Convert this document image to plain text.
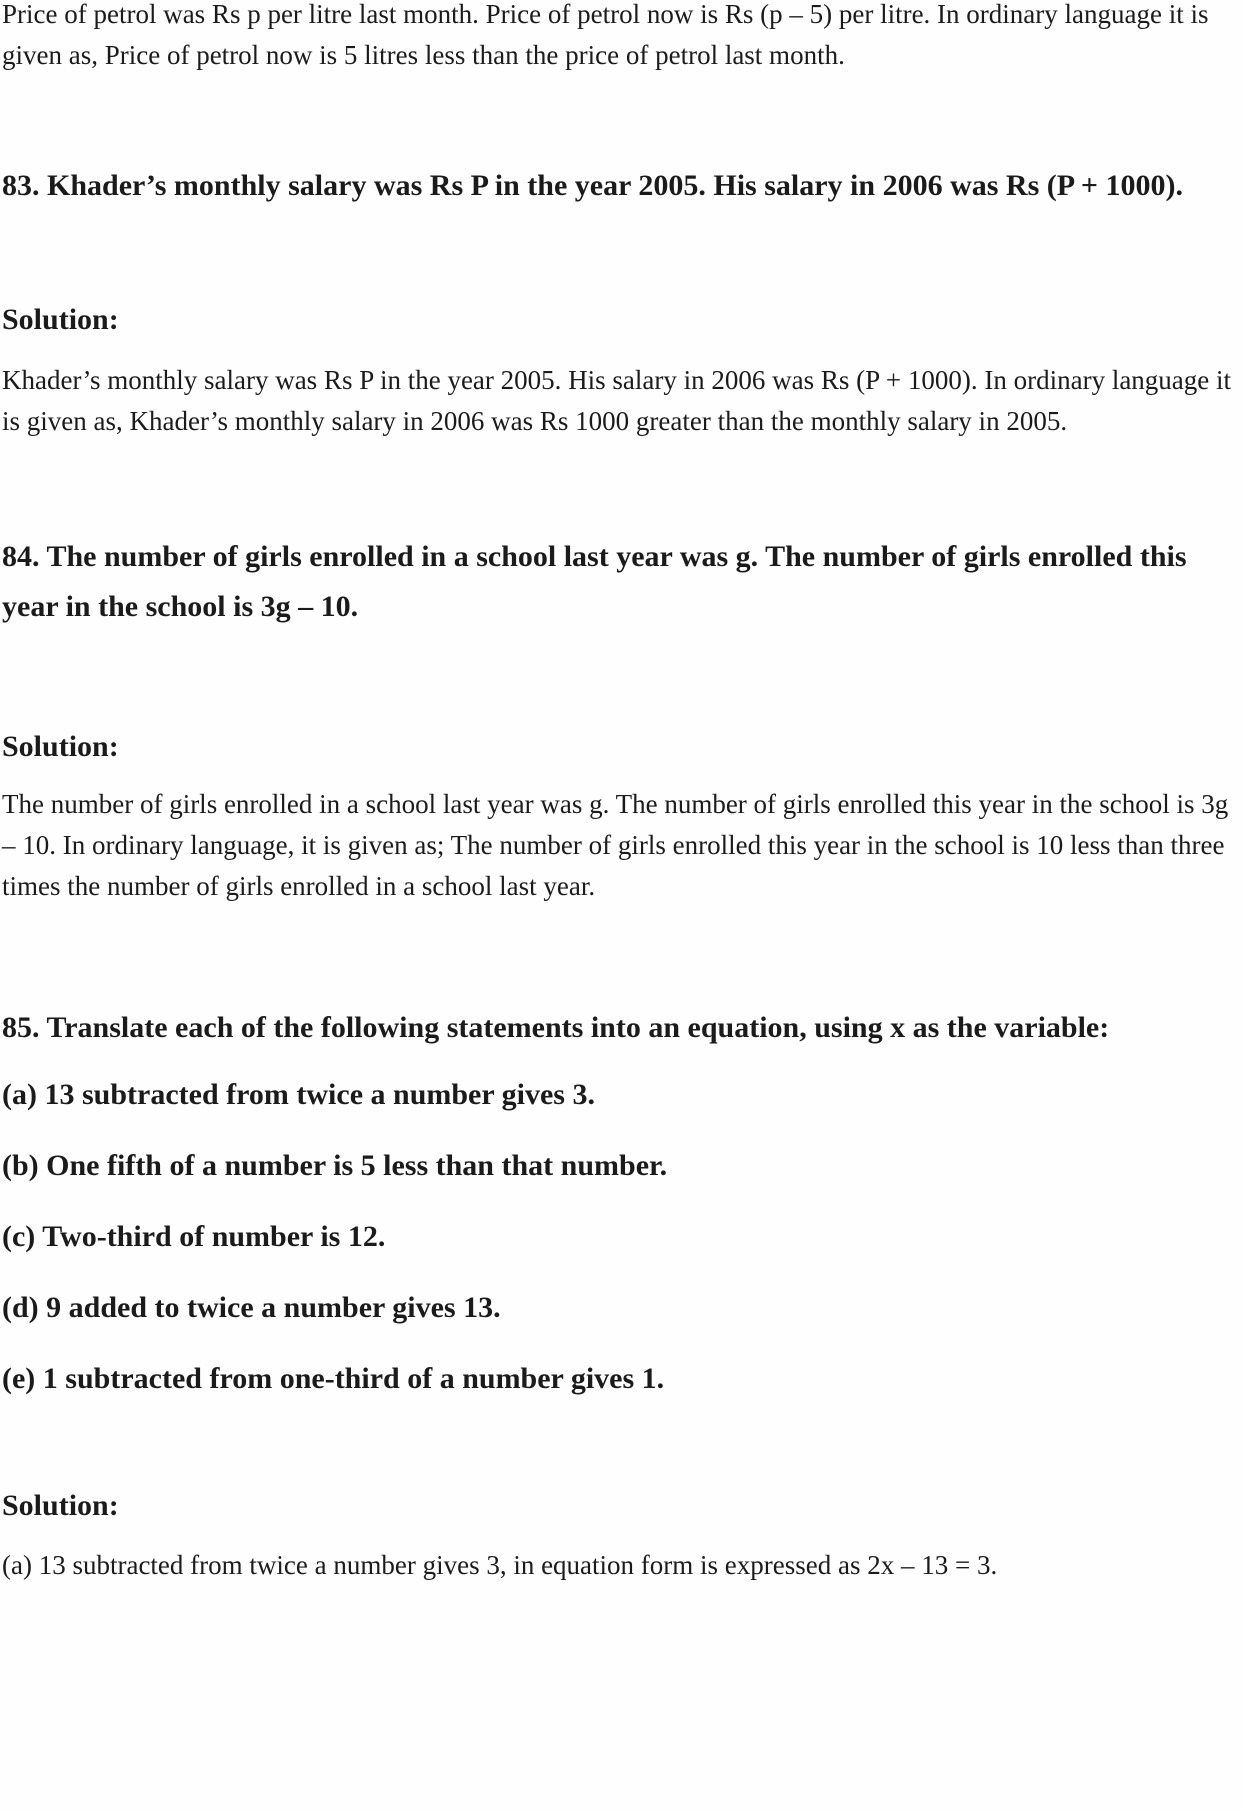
Price of petrol was Rs p per litre last month. Price of petrol now is Rs (p – 5) per litre. In ordinary language it is given as, Price of petrol now is 5 litres less than the price of petrol last month.

83. Khader’s monthly salary was Rs P in the year 2005. His salary in 2006 was Rs (P + 1000).
Solution:

Khader’s monthly salary was Rs P in the year 2005. His salary in 2006 was Rs (P + 1000). In ordinary language it is given as, Khader’s monthly salary in 2006 was Rs 1000 greater than the monthly salary in 2005.

84. The number of girls enrolled in a school last year was g. The number of girls enrolled this year in the school is 3g – 10.
Solution:

The number of girls enrolled in a school last year was g. The number of girls enrolled this year in the school is 3g – 10. In ordinary language, it is given as; The number of girls enrolled this year in the school is 10 less than three times the number of girls enrolled in a school last year.

85. Translate each of the following statements into an equation, using x as the variable:
(a) 13 subtracted from twice a number gives 3.
(b) One fifth of a number is 5 less than that number.
(c) Two-third of number is 12.
(d) 9 added to twice a number gives 13.
(e) 1 subtracted from one-third of a number gives 1.
Solution:

(a) 13 subtracted from twice a number gives 3, in equation form is expressed as 2x – 13 = 3.
